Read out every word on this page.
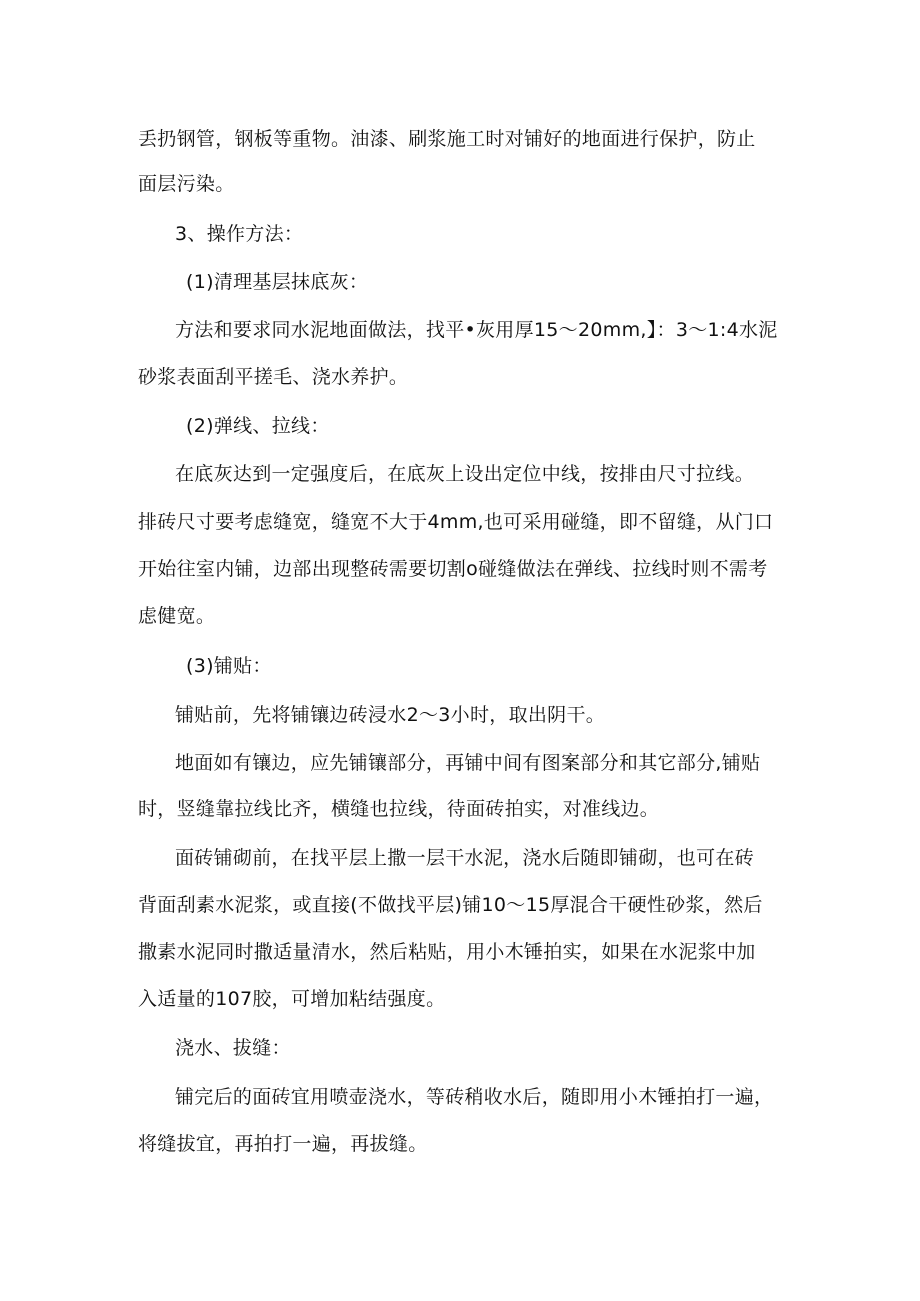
丢扔钢管，钢板等重物。油漆、刷浆施工时对铺好的地面进行保护，防止
面层污染。
3、操作方法：
(1)清理基层抹底灰：
方法和要求同水泥地面做法，找平•灰用厚15～20mm,】：3～1:4水泥
砂浆表面刮平搓毛、浇水养护。
(2)弹线、拉线：
在底灰达到一定强度后，在底灰上设出定位中线，按排由尺寸拉线。
排砖尺寸要考虑缝宽，缝宽不大于4mm,也可采用碰缝，即不留缝，从门口
开始往室内铺，边部出现整砖需要切割o碰缝做法在弹线、拉线时则不需考
虑健宽。
(3)铺贴：
铺贴前，先将铺镶边砖浸水2～3小时，取出阴干。
地面如有镶边，应先铺镶部分，再铺中间有图案部分和其它部分,铺贴
时，竖缝靠拉线比齐，横缝也拉线，待面砖拍实，对准线边。
面砖铺砌前，在找平层上撒一层干水泥，浇水后随即铺砌，也可在砖
背面刮素水泥浆，或直接(不做找平层)铺10～15厚混合干硬性砂浆，然后
撒素水泥同时撒适量清水，然后粘贴，用小木锤拍实，如果在水泥浆中加
入适量的107胶，可增加粘结强度。
浇水、拔缝：
铺完后的面砖宜用喷壶浇水，等砖稍收水后，随即用小木锤拍打一遍，
将缝拔宜，再拍打一遍，再拔缝。
